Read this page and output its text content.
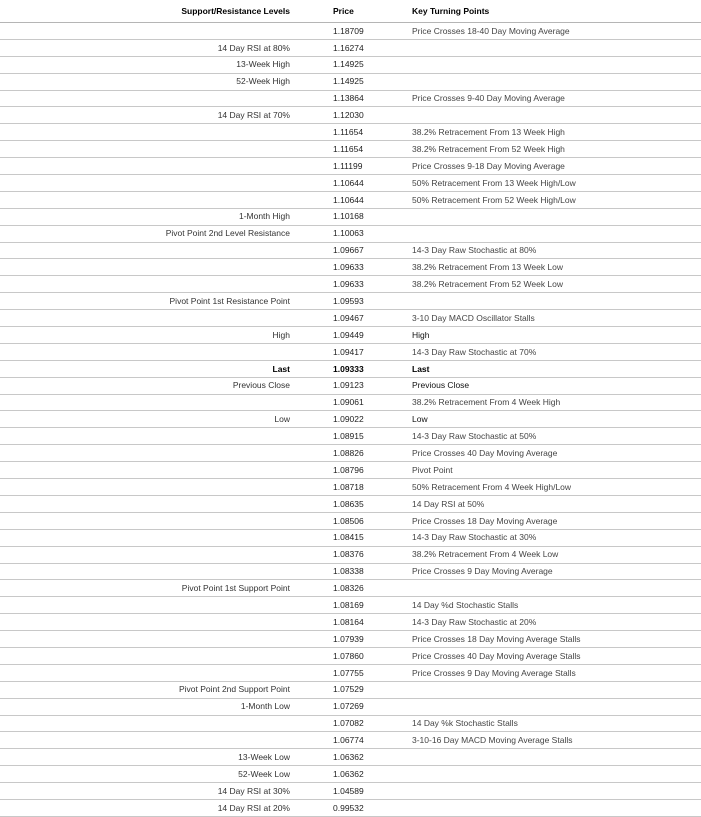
Support/Resistance Levels		Price		Key Turning Points
		1.18709		Price Crosses 18-40 Day Moving Average
14 Day RSI at 80%		1.16274		
13-Week High		1.14925		
52-Week High		1.14925		
		1.13864		Price Crosses 9-40 Day Moving Average
14 Day RSI at 70%		1.12030		
		1.11654		38.2% Retracement From 13 Week High
		1.11654		38.2% Retracement From 52 Week High
		1.11199		Price Crosses 9-18 Day Moving Average
		1.10644		50% Retracement From 13 Week High/Low
		1.10644		50% Retracement From 52 Week High/Low
1-Month High		1.10168		
Pivot Point 2nd Level Resistance		1.10063		
		1.09667		14-3 Day Raw Stochastic at 80%
		1.09633		38.2% Retracement From 13 Week Low
		1.09633		38.2% Retracement From 52 Week Low
Pivot Point 1st Resistance Point		1.09593		
		1.09467		3-10 Day MACD Oscillator Stalls
High		1.09449		High
		1.09417		14-3 Day Raw Stochastic at 70%
Last		1.09333		Last
Previous Close		1.09123		Previous Close
		1.09061		38.2% Retracement From 4 Week High
Low		1.09022		Low
		1.08915		14-3 Day Raw Stochastic at 50%
		1.08826		Price Crosses 40 Day Moving Average
		1.08796		Pivot Point
		1.08718		50% Retracement From 4 Week High/Low
		1.08635		14 Day RSI at 50%
		1.08506		Price Crosses 18 Day Moving Average
		1.08415		14-3 Day Raw Stochastic at 30%
		1.08376		38.2% Retracement From 4 Week Low
		1.08338		Price Crosses 9 Day Moving Average
Pivot Point 1st Support Point		1.08326		
		1.08169		14 Day %d Stochastic Stalls
		1.08164		14-3 Day Raw Stochastic at 20%
		1.07939		Price Crosses 18 Day Moving Average Stalls
		1.07860		Price Crosses 40 Day Moving Average Stalls
		1.07755		Price Crosses 9 Day Moving Average Stalls
Pivot Point 2nd Support Point		1.07529		
1-Month Low		1.07269		
		1.07082		14 Day %k Stochastic Stalls
		1.06774		3-10-16 Day MACD Moving Average Stalls
13-Week Low		1.06362		
52-Week Low		1.06362		
14 Day RSI at 30%		1.04589		
14 Day RSI at 20%		0.99532		
